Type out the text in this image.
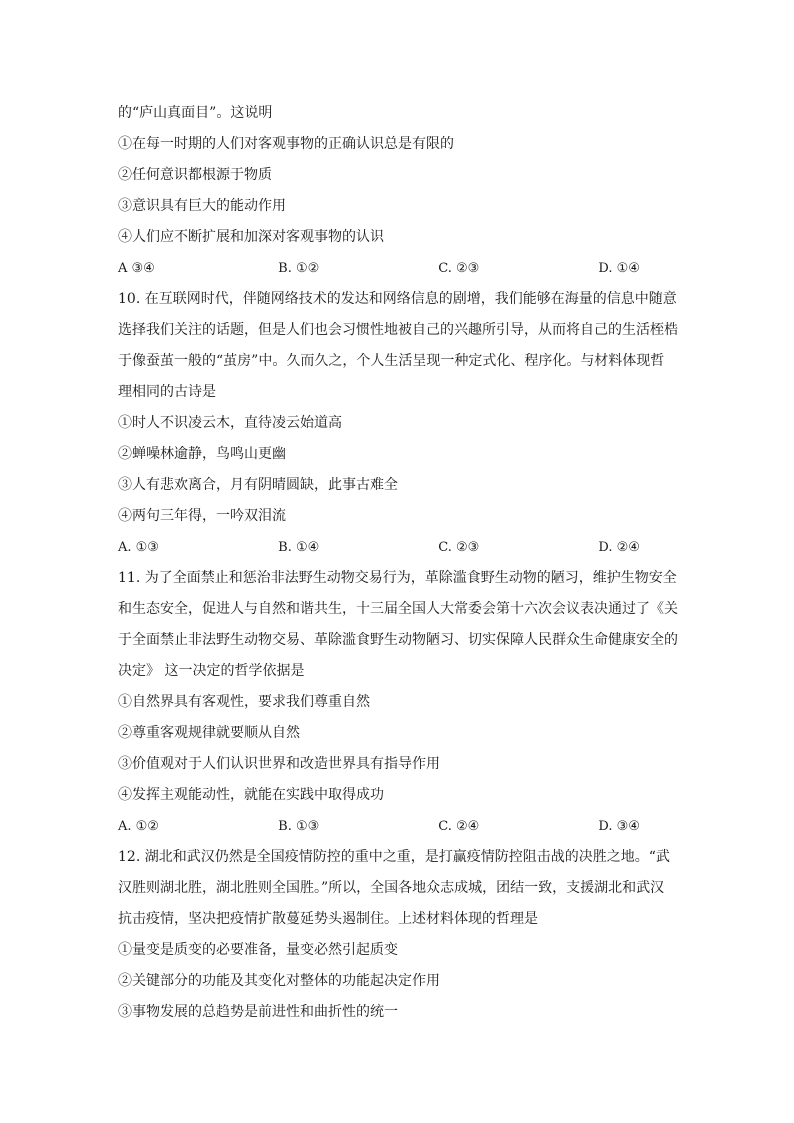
的“庐山真面目”。这说明
①在每一时期的人们对客观事物的正确认识总是有限的
②任何意识都根源于物质
③意识具有巨大的能动作用
④人们应不断扩展和加深对客观事物的认识
A ③④	B. ①②	C. ②③	D. ①④
10. 在互联网时代，伴随网络技术的发达和网络信息的剧增，我们能够在海量的信息中随意
选择我们关注的话题，但是人们也会习惯性地被自己的兴趣所引导，从而将自己的生活桎梏
于像蚕茧一般的“茧房”中。久而久之，个人生活呈现一种定式化、程序化。与材料体现哲
理相同的古诗是
①时人不识凌云木，直待凌云始道高
②蝉噪林逾静，鸟鸣山更幽
③人有悲欢离合，月有阴晴圆缺，此事古难全
④两句三年得，一吟双泪流
A. ①③	B. ①④	C. ②③	D. ②④
11. 为了全面禁止和惩治非法野生动物交易行为，革除滥食野生动物的陋习，维护生物安全
和生态安全，促进人与自然和谐共生，十三届全国人大常委会第十六次会议表决通过了《关
于全面禁止非法野生动物交易、革除滥食野生动物陋习、切实保障人民群众生命健康安全的
决定》 这一决定的哲学依据是
①自然界具有客观性，要求我们尊重自然
②尊重客观规律就要顺从自然
③价值观对于人们认识世界和改造世界具有指导作用
④发挥主观能动性，就能在实践中取得成功
A. ①②	B. ①③	C. ②④	D. ③④
12. 湖北和武汉仍然是全国疫情防控的重中之重，是打赢疫情防控阻击战的决胜之地。“武
汉胜则湖北胜，湖北胜则全国胜。”所以，全国各地众志成城，团结一致，支援湖北和武汉
抗击疫情，坚决把疫情扩散蔓延势头遏制住。上述材料体现的哲理是
①量变是质变的必要准备，量变必然引起质变
②关键部分的功能及其变化对整体的功能起决定作用
③事物发展的总趋势是前进性和曲折性的统一
